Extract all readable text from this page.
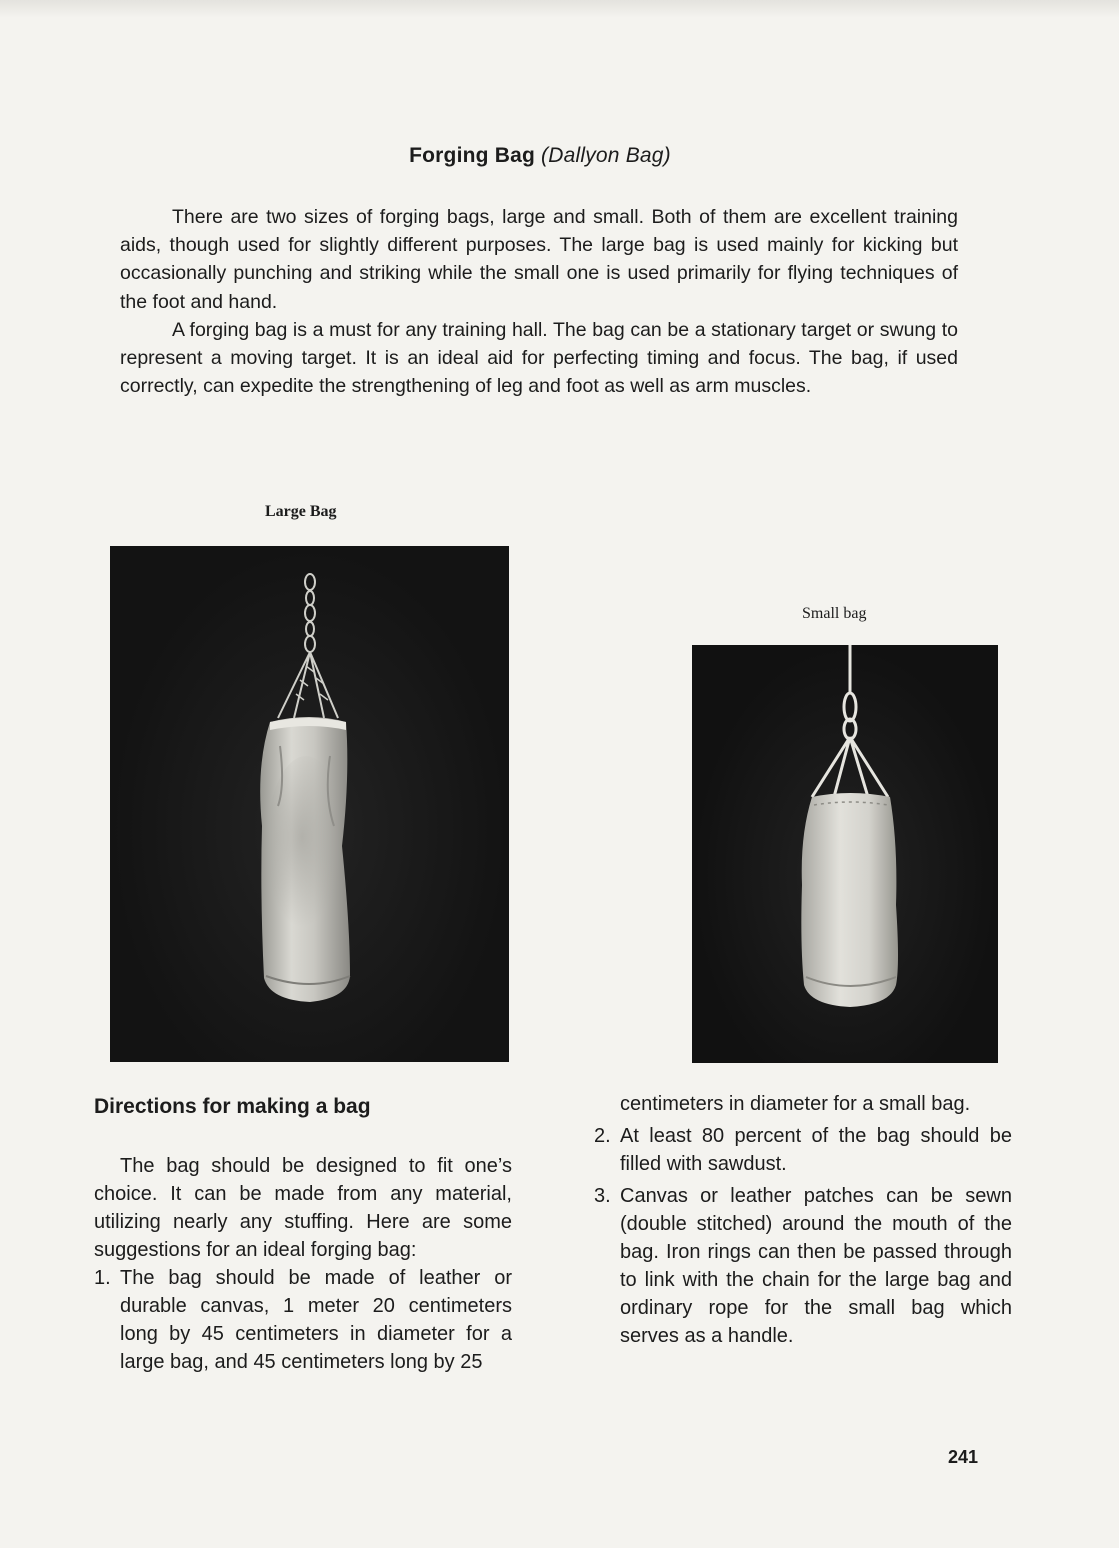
Forging Bag (Dallyon Bag)

There are two sizes of forging bags, large and small. Both of them are excellent training aids, though used for slightly different purposes. The large bag is used mainly for kicking but occasionally punching and striking while the small one is used primarily for flying techniques of the foot and hand.

A forging bag is a must for any training hall. The bag can be a stationary target or swung to represent a moving target. It is an ideal aid for perfecting timing and focus. The bag, if used correctly, can expedite the strengthening of leg and foot as well as arm muscles.

Large Bag
Small bag
Directions for making a bag

The bag should be designed to fit one’s choice. It can be made from any material, utilizing nearly any stuffing. Here are some suggestions for an ideal forging bag:

1. The bag should be made of leather or durable canvas, 1 meter 20 centimeters long by 45 centimeters in diameter for a large bag, and 45 centimeters long by 25
centimeters in diameter for a small bag.
2. At least 80 percent of the bag should be filled with sawdust.
3. Canvas or leather patches can be sewn (double stitched) around the mouth of the bag. Iron rings can then be passed through to link with the chain for the large bag and ordinary rope for the small bag which serves as a handle.
241
